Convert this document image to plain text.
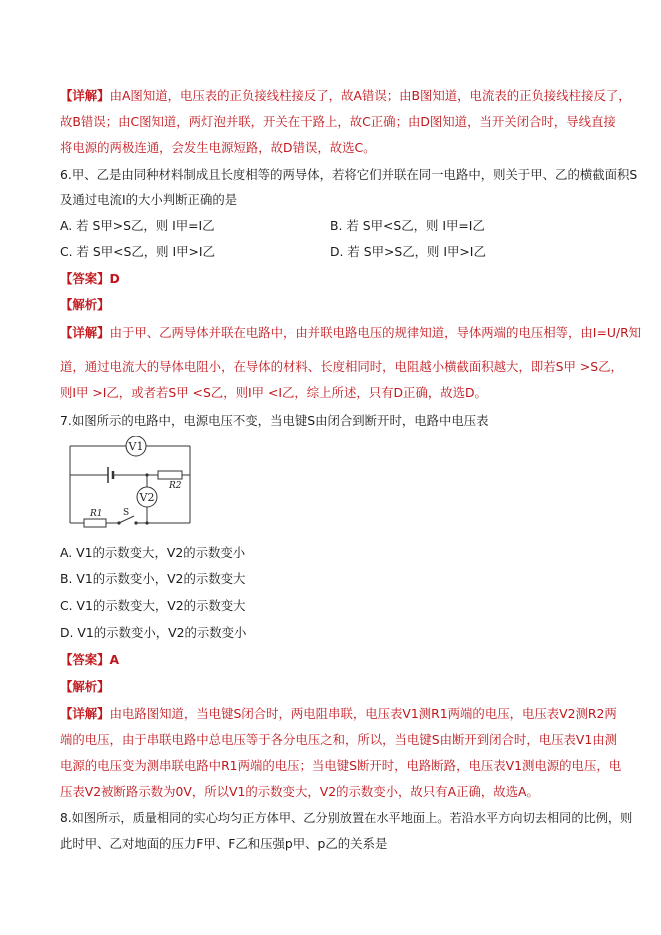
【详解】由A图知道，电压表的正负接线柱接反了，故A错误；由B图知道，电流表的正负接线柱接反了，
故B错误；由C图知道，两灯泡并联，开关在干路上，故C正确；由D图知道，当开关闭合时，导线直接
将电源的两极连通，会发生电源短路，故D错误，故选C。
6.甲、乙是由同种材料制成且长度相等的两导体，若将它们并联在同一电路中，则关于甲、乙的横截面积S
及通过电流I的大小判断正确的是
A. 若 S甲>S乙，则 I甲=I乙	B. 若 S甲<S乙，则 I甲=I乙
C. 若 S甲<S乙，则 I甲>I乙	D. 若 S甲>S乙，则 I甲>I乙
【答案】D
【解析】
【详解】由于甲、乙两导体并联在电路中，由并联电路电压的规律知道，导体两端的电压相等，由I=U/R知
道，通过电流大的导体电阻小，在导体的材料、长度相同时，电阻越小横截面积越大，即若S甲 >S乙，
则I甲 >I乙，或者若S甲 <S乙，则I甲 <I乙，综上所述，只有D正确，故选D。
7.如图所示的电路中，电源电压不变，当电键S由闭合到断开时，电路中电压表
V1
V2
R2
R1 S
A. V1的示数变大，V2的示数变小
B. V1的示数变小，V2的示数变大
C. V1的示数变大，V2的示数变大
D. V1的示数变小，V2的示数变小
【答案】A
【解析】
【详解】由电路图知道，当电键S闭合时，两电阻串联，电压表V1测R1两端的电压，电压表V2测R2两
端的电压，由于串联电路中总电压等于各分电压之和，所以，当电键S由断开到闭合时，电压表V1由测
电源的电压变为测串联电路中R1两端的电压；当电键S断开时，电路断路，电压表V1测电源的电压，电
压表V2被断路示数为0V，所以V1的示数变大，V2的示数变小，故只有A正确，故选A。
8.如图所示，质量相同的实心均匀正方体甲、乙分别放置在水平地面上。若沿水平方向切去相同的比例，则
此时甲、乙对地面的压力F甲、F乙和压强p甲、p乙的关系是
